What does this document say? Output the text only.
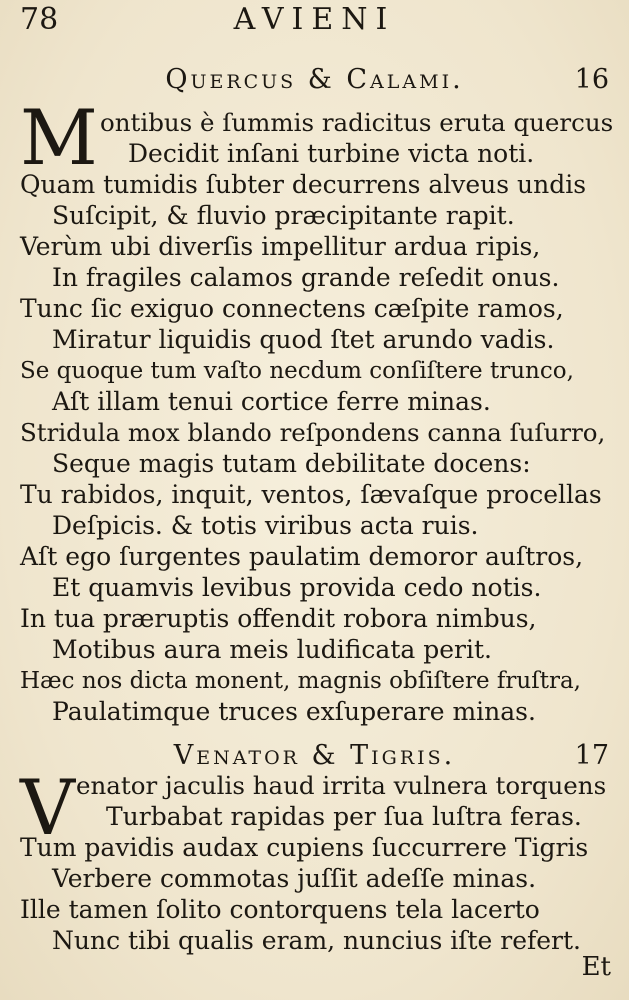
78	AVIENI
Quercus & Calami.	16
M ontibus è ſummis radicitus eruta quercus
Decidit inſani turbine victa noti.
Quam tumidis ſubter decurrens alveus undis
Suſcipit, & fluvio præcipitante rapit.
Verùm ubi diverſis impellitur ardua ripis,
In fragiles calamos grande reſedit onus.
Tunc ſic exiguo connectens cæſpite ramos,
Miratur liquidis quod ſtet arundo vadis.
Se quoque tum vaſto necdum conſiſtere trunco,
Aſt illam tenui cortice ferre minas.
Stridula mox blando reſpondens canna ſuſurro,
Seque magis tutam debilitate docens:
Tu rabidos, inquit, ventos, ſævaſque procellas
Deſpicis. & totis viribus acta ruis.
Aſt ego ſurgentes paulatim demoror auſtros,
Et quamvis levibus provida cedo notis.
In tua præruptis offendit robora nimbus,
Motibus aura meis ludificata perit.
Hæc nos dicta monent, magnis obſiſtere fruſtra,
Paulatimque truces exſuperare minas.
Venator & Tigris.	17
V enator jaculis haud irrita vulnera torquens
Turbabat rapidas per ſua luſtra feras.
Tum pavidis audax cupiens ſuccurrere Tigris
Verbere commotas juſſit adeſſe minas.
Ille tamen ſolito contorquens tela lacerto
Nunc tibi qualis eram, nuncius iſte refert.
Et
